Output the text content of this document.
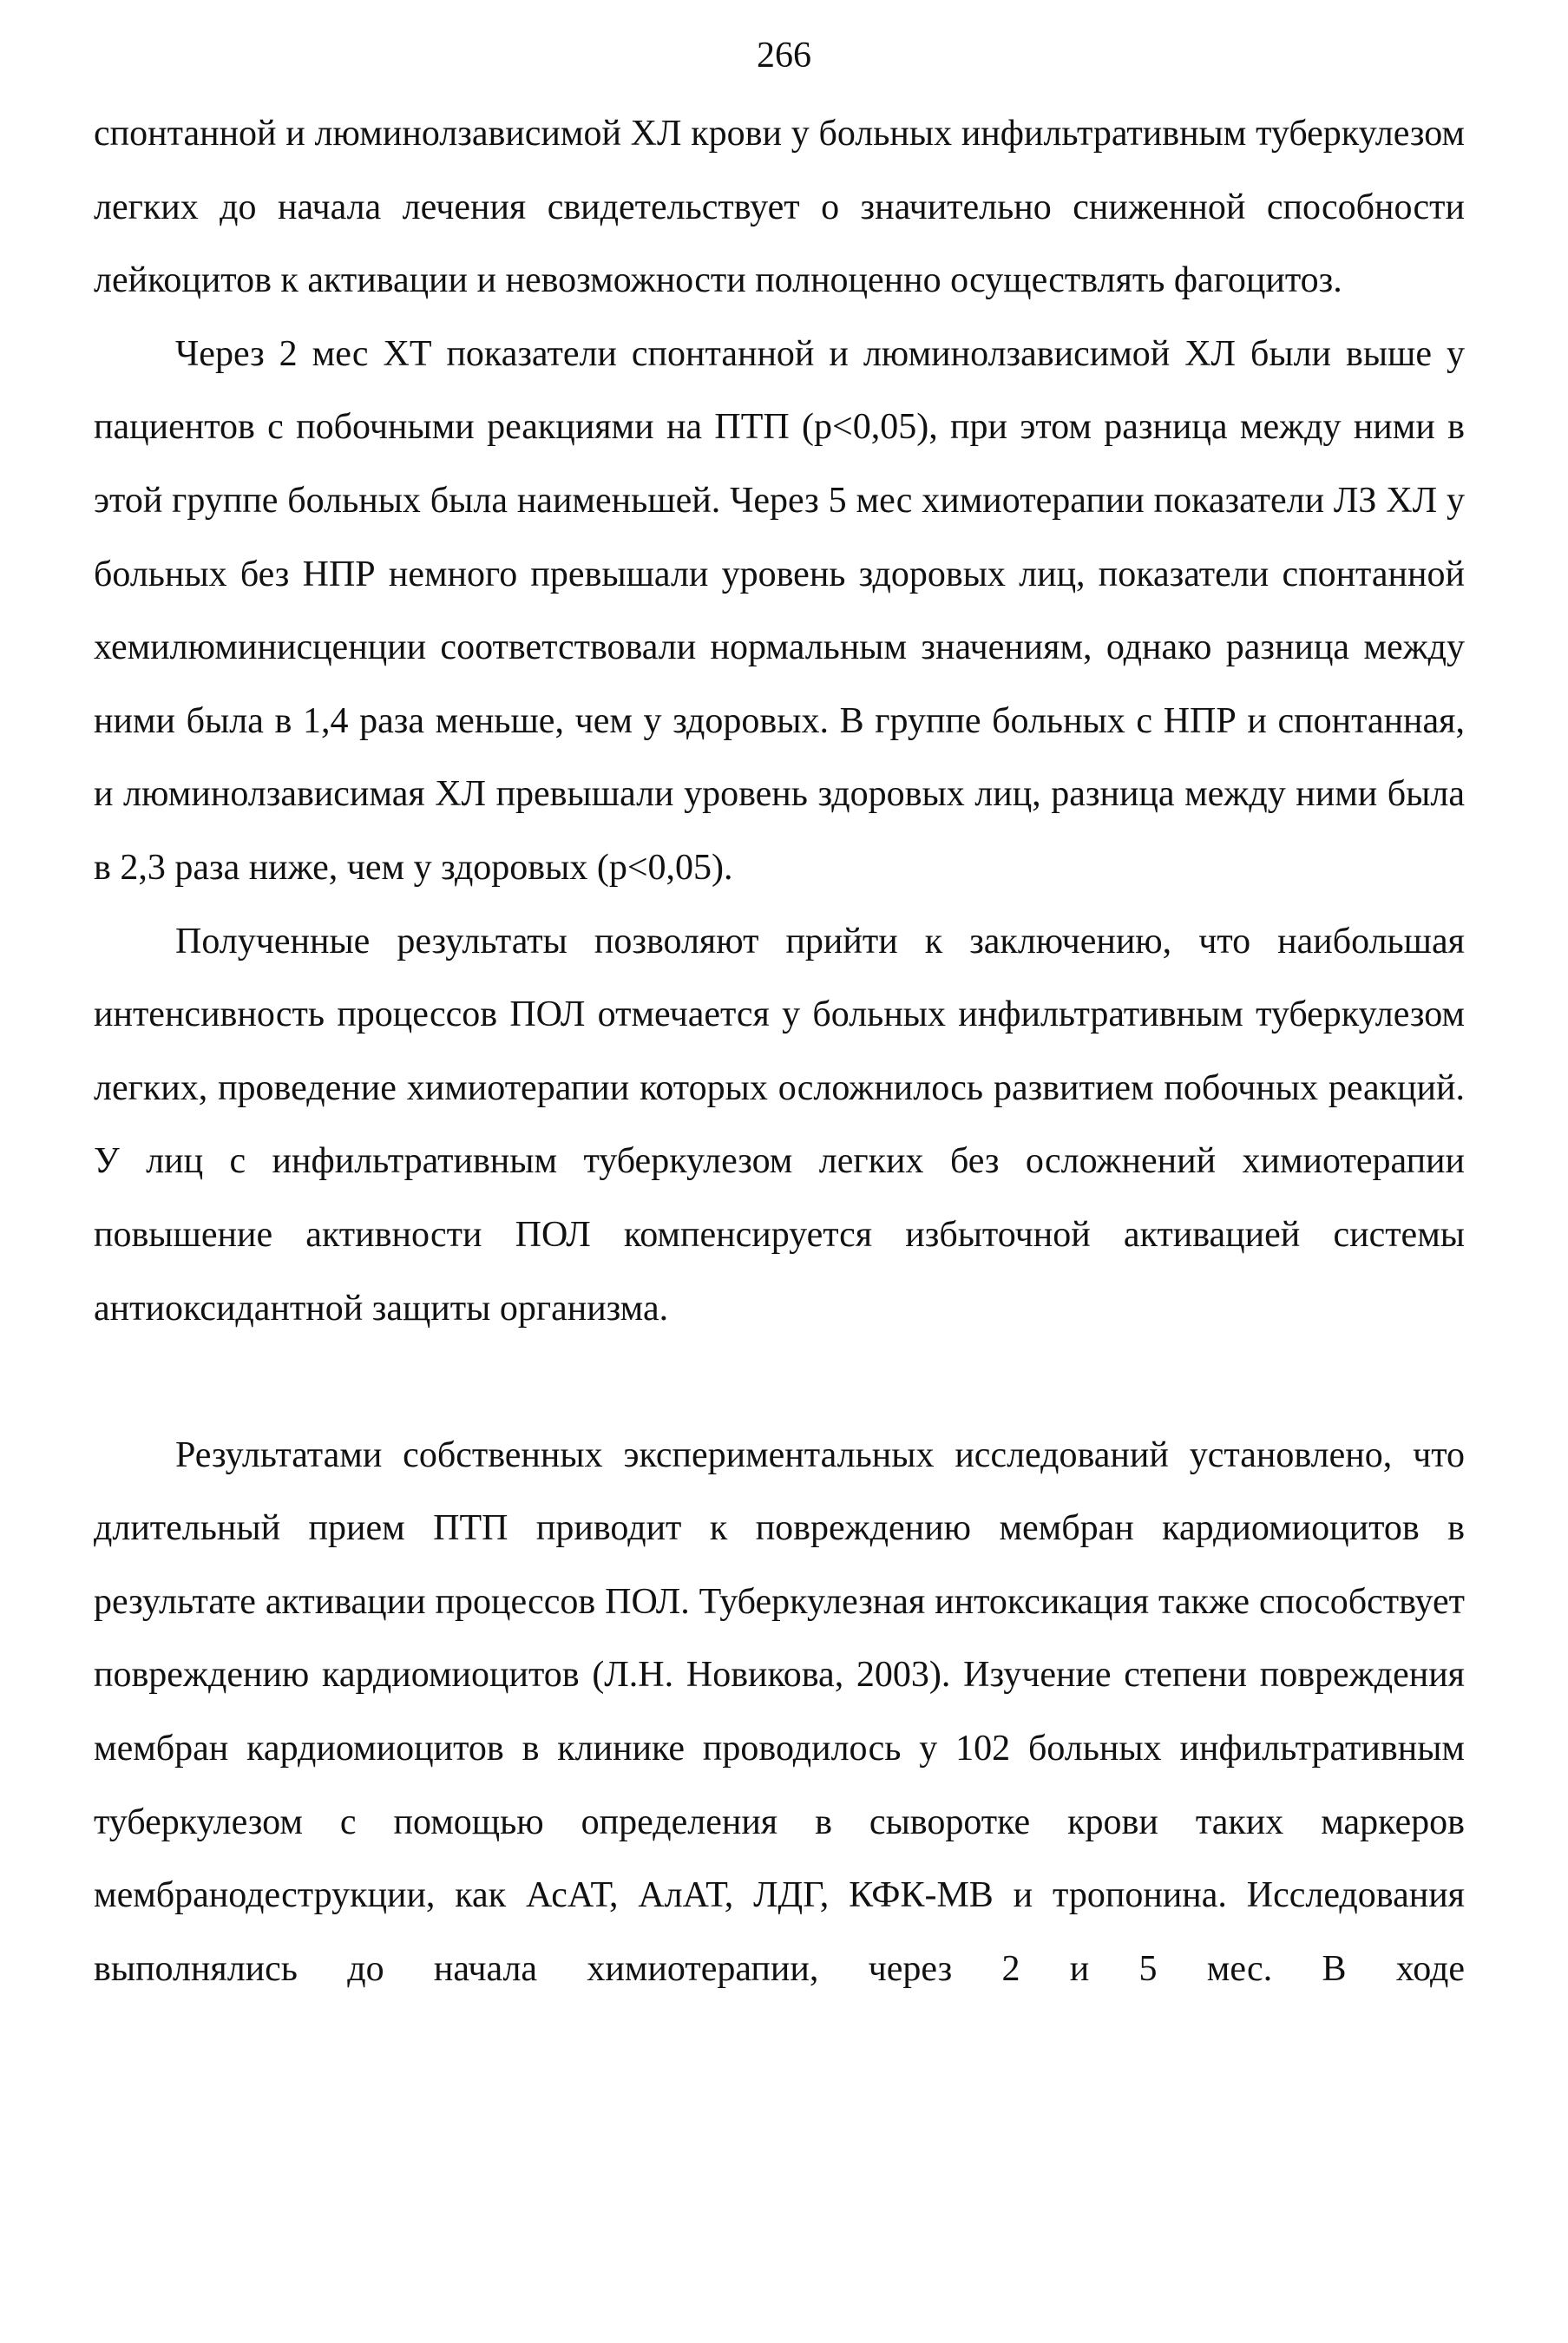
266

спонтанной и люминолзависимой ХЛ крови у больных инфильтративным туберкулезом легких до начала лечения свидетельствует о значительно сниженной способности лейкоцитов к активации и невозможности полноценно осуществлять фагоцитоз.

Через 2 мес ХТ показатели спонтанной и люминолзависимой ХЛ были выше у пациентов с побочными реакциями на ПТП (р<0,05), при этом разница между ними в этой группе больных была наименьшей. Через 5 мес химиотерапии показатели ЛЗ ХЛ у больных без НПР немного превышали уровень здоровых лиц, показатели спонтанной хемилюминисценции соответствовали нормальным значениям, однако разница между ними была в 1,4 раза меньше, чем у здоровых. В группе больных с НПР и спонтанная, и люминолзависимая ХЛ превышали уровень здоровых лиц, разница между ними была в 2,3 раза ниже, чем у здоровых (р<0,05).

Полученные результаты позволяют прийти к заключению, что наибольшая интенсивность процессов ПОЛ отмечается у больных инфильтративным туберкулезом легких, проведение химиотерапии которых осложнилось развитием побочных реакций. У лиц с инфильтративным туберкулезом легких без осложнений химиотерапии повышение активности ПОЛ компенсируется избыточной активацией системы антиоксидантной защиты организма.

Результатами собственных экспериментальных исследований установлено, что длительный прием ПТП приводит к повреждению мембран кардиомиоцитов в результате активации процессов ПОЛ. Туберкулезная интоксикация также способствует повреждению кардиомиоцитов (Л.Н. Новикова, 2003). Изучение степени повреждения мембран кардиомиоцитов в клинике проводилось у 102 больных инфильтративным туберкулезом с помощью определения в сыворотке крови таких маркеров мембранодеструкции, как АсАТ, АлАТ, ЛДГ, КФК-МВ и тропонина. Исследования выполнялись до начала химиотерапии, через 2 и 5 мес. В ходе
